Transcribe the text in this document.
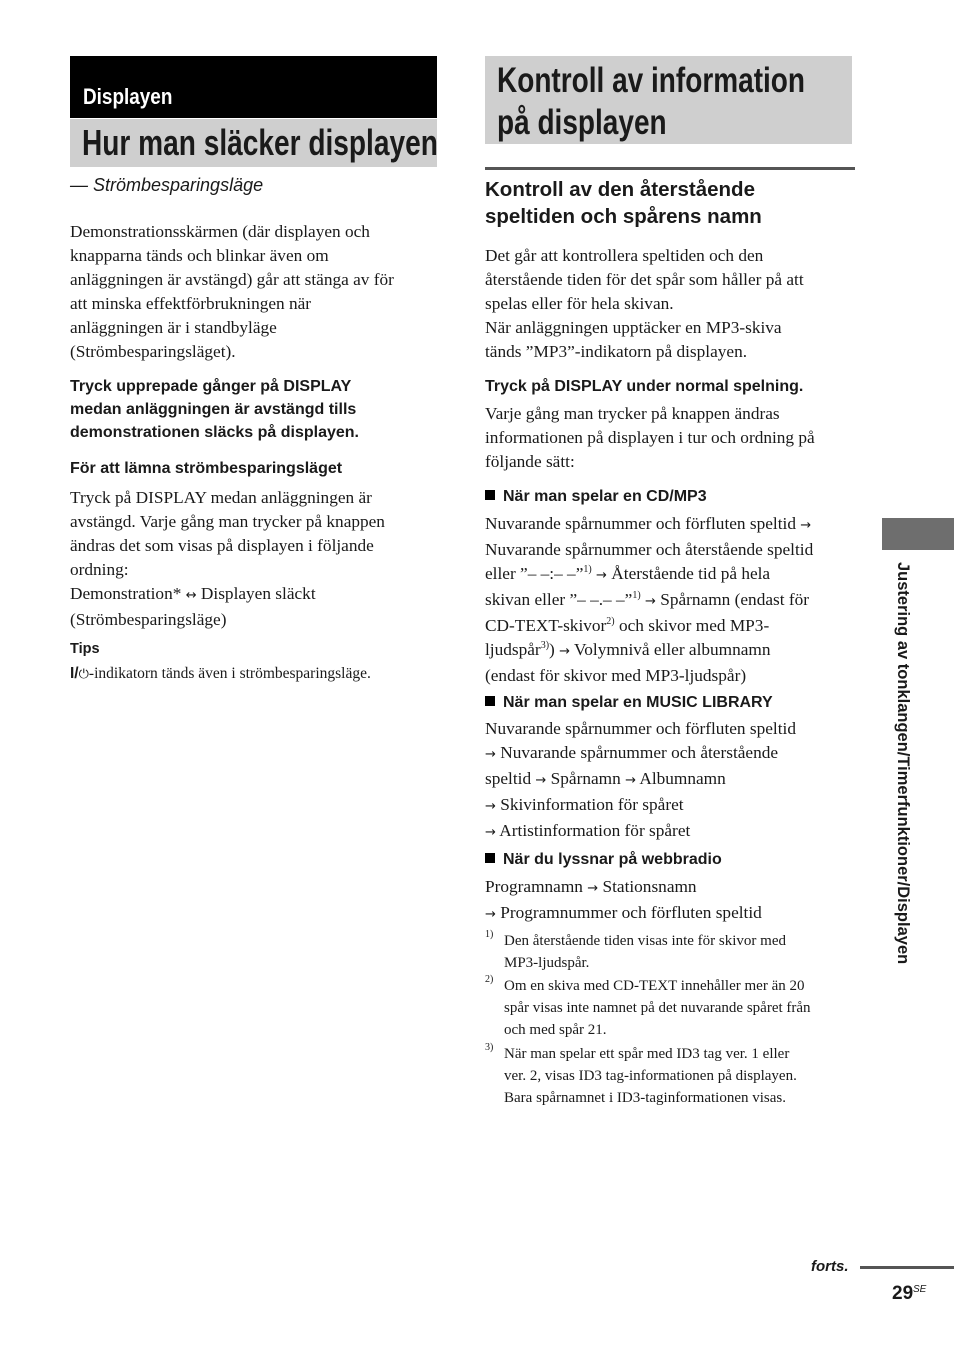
Displayen
Hur man släcker displayen
— Strömbesparingsläge
Demonstrationsskärmen (där displayen och
knapparna tänds och blinkar även om
anläggningen är avstängd) går att stänga av för
att minska effektförbrukningen när
anläggningen är i standbyläge
(Strömbesparingsläget).
Tryck upprepade gånger på DISPLAY
medan anläggningen är avstängd tills
demonstrationen släcks på displayen.
För att lämna strömbesparingsläget
Tryck på DISPLAY medan anläggningen är
avstängd. Varje gång man trycker på knappen
ändras det som visas på displayen i följande
ordning:
Demonstration* ↔ Displayen släckt
(Strömbesparingsläge)
Tips
I/⏻-indikatorn tänds även i strömbesparingsläge.
Kontroll av information på displayen
Kontroll av den återstående
speltiden och spårens namn
Det går att kontrollera speltiden och den
återstående tiden för det spår som håller på att
spelas eller för hela skivan.
När anläggningen upptäcker en MP3-skiva
tänds ”MP3”-indikatorn på displayen.
Tryck på DISPLAY under normal spelning.
Varje gång man trycker på knappen ändras
informationen på displayen i tur och ordning på
följande sätt:
När man spelar en CD/MP3
Nuvarande spårnummer och förfluten speltid →
Nuvarande spårnummer och återstående speltid
eller ”– –:– –”$^{1)}$ → Återstående tid på hela
skivan eller ”– –.– –”$^{1)}$ → Spårnamn (endast för
CD-TEXT-skivor$^{2)}$ och skivor med MP3-
ljudspår$^{3)}$) → Volymnivå eller albumnamn
(endast för skivor med MP3-ljudspår)
När man spelar en MUSIC LIBRARY
Nuvarande spårnummer och förfluten speltid
→ Nuvarande spårnummer och återstående
speltid → Spårnamn → Albumnamn
→ Skivinformation för spåret
→ Artistinformation för spåret
När du lyssnar på webbradio
Programnamn → Stationsnamn
→ Programnummer och förfluten speltid
1) Den återstående tiden visas inte för skivor med
MP3-ljudspår.
2) Om en skiva med CD-TEXT innehåller mer än 20
spår visas inte namnet på det nuvarande spåret från
och med spår 21.
3) När man spelar ett spår med ID3 tag ver. 1 eller
ver. 2, visas ID3 tag-informationen på displayen.
Bara spårnamnet i ID3-taginformationen visas.
Justering av tonklangen/Timerfunktioner/Displayen
forts.
29 SE
